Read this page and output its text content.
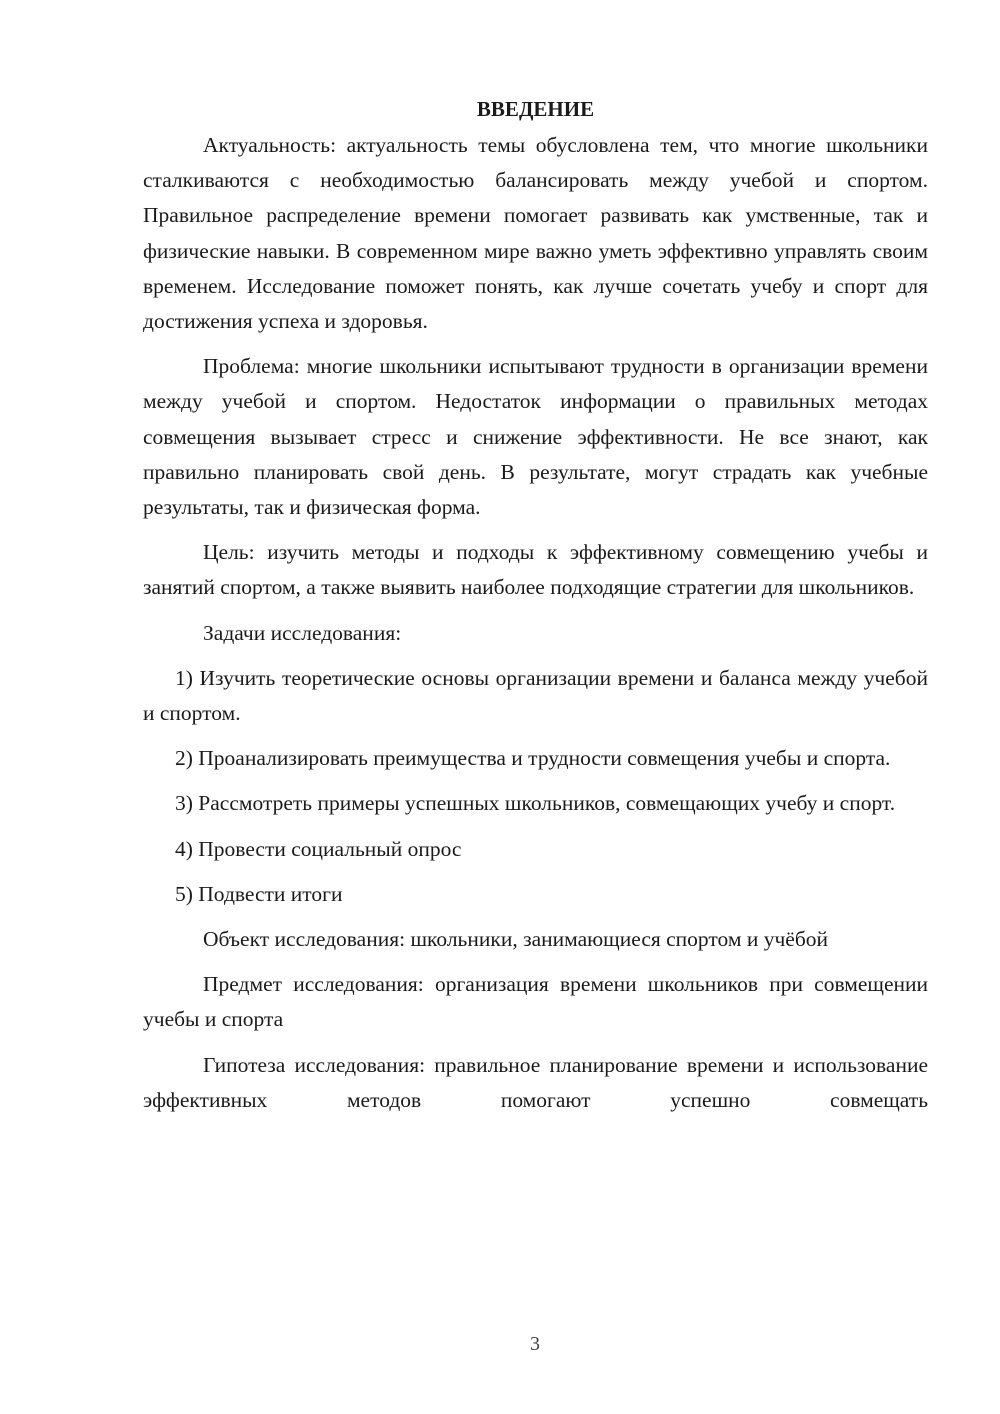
ВВЕДЕНИЕ

Актуальность: актуальность темы обусловлена тем, что многие школьники сталкиваются с необходимостью балансировать между учебой и спортом. Правильное распределение времени помогает развивать как умственные, так и физические навыки. В современном мире важно уметь эффективно управлять своим временем. Исследование поможет понять, как лучше сочетать учебу и спорт для достижения успеха и здоровья.

Проблема: многие школьники испытывают трудности в организации времени между учебой и спортом. Недостаток информации о правильных методах совмещения вызывает стресс и снижение эффективности. Не все знают, как правильно планировать свой день. В результате, могут страдать как учебные результаты, так и физическая форма.

Цель: изучить методы и подходы к эффективному совмещению учебы и занятий спортом, а также выявить наиболее подходящие стратегии для школьников.

Задачи исследования:

1) Изучить теоретические основы организации времени и баланса между учебой и спортом.

2) Проанализировать преимущества и трудности совмещения учебы и спорта.

3) Рассмотреть примеры успешных школьников, совмещающих учебу и спорт.

4) Провести социальный опрос

5) Подвести итоги

Объект исследования: школьники, занимающиеся спортом и учёбой

Предмет исследования: организация времени школьников при совмещении учебы и спорта

Гипотеза исследования: правильное планирование времени и использование эффективных методов помогают успешно совмещать

3
